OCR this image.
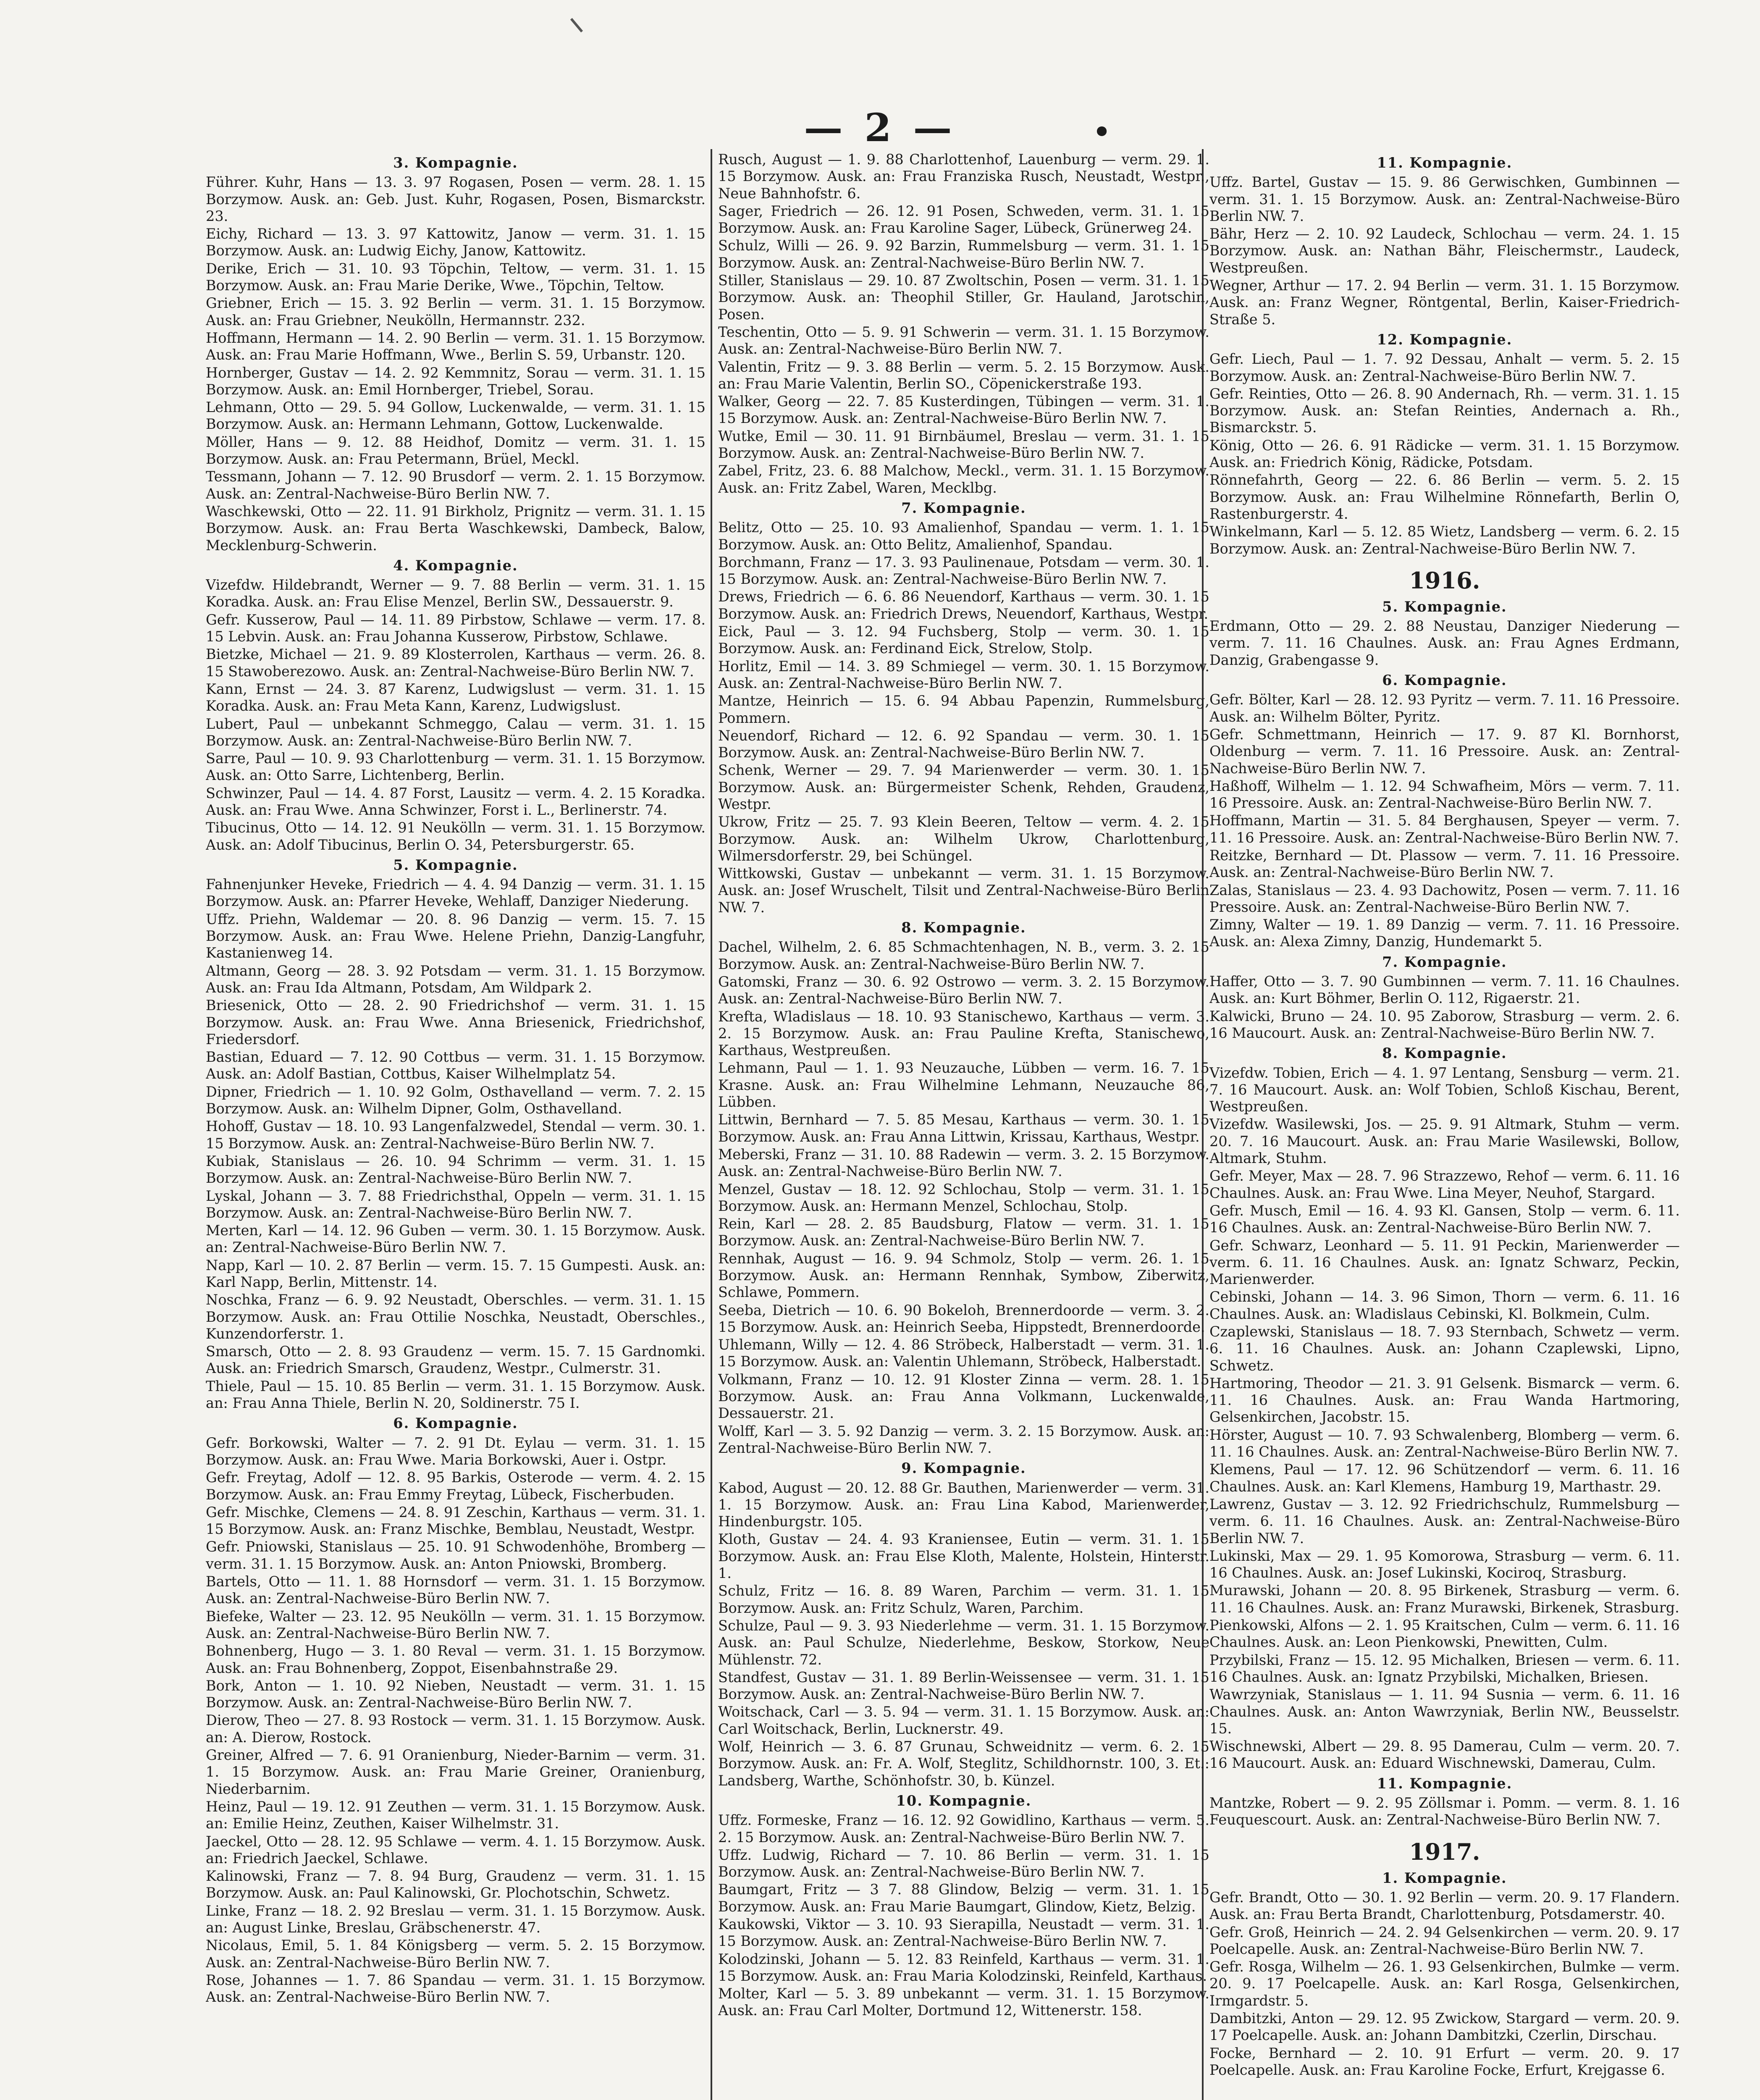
— 2 —	•
3. Kompagnie.
Führer. Kuhr, Hans — 13. 3. 97 Rogasen, Posen — verm. 28. 1. 15 Borzymow. Ausk. an: Geb. Just. Kuhr, Rogasen, Posen, Bismarckstr. 23.
Eichy, Richard — 13. 3. 97 Kattowitz, Janow — verm. 31. 1. 15 Borzymow. Ausk. an: Ludwig Eichy, Janow, Kattowitz.
Derike, Erich — 31. 10. 93 Töpchin, Teltow, — verm. 31. 1. 15 Borzymow. Ausk. an: Frau Marie Derike, Wwe., Töpchin, Teltow.
Griebner, Erich — 15. 3. 92 Berlin — verm. 31. 1. 15 Borzymow. Ausk. an: Frau Griebner, Neukölln, Hermannstr. 232.
Hoffmann, Hermann — 14. 2. 90 Berlin — verm. 31. 1. 15 Borzymow. Ausk. an: Frau Marie Hoffmann, Wwe., Berlin S. 59, Urbanstr. 120.
Hornberger, Gustav — 14. 2. 92 Kemmnitz, Sorau — verm. 31. 1. 15 Borzymow. Ausk. an: Emil Hornberger, Triebel, Sorau.
Lehmann, Otto — 29. 5. 94 Gollow, Luckenwalde, — verm. 31. 1. 15 Borzymow. Ausk. an: Hermann Lehmann, Gottow, Luckenwalde.
Möller, Hans — 9. 12. 88 Heidhof, Domitz — verm. 31. 1. 15 Borzymow. Ausk. an: Frau Petermann, Brüel, Meckl.
Tessmann, Johann — 7. 12. 90 Brusdorf — verm. 2. 1. 15 Borzymow. Ausk. an: Zentral-Nachweise-Büro Berlin NW. 7.
Waschkewski, Otto — 22. 11. 91 Birkholz, Prignitz — verm. 31. 1. 15 Borzymow. Ausk. an: Frau Berta Waschkewski, Dambeck, Balow, Mecklenburg-Schwerin.
4. Kompagnie.
Vizefdw. Hildebrandt, Werner — 9. 7. 88 Berlin — verm. 31. 1. 15 Koradka. Ausk. an: Frau Elise Menzel, Berlin SW., Dessauerstr. 9.
Gefr. Kusserow, Paul — 14. 11. 89 Pirbstow, Schlawe — verm. 17. 8. 15 Lebvin. Ausk. an: Frau Johanna Kusserow, Pirbstow, Schlawe.
Bietzke, Michael — 21. 9. 89 Klosterrolen, Karthaus — verm. 26. 8. 15 Stawoberezowo. Ausk. an: Zentral-Nachweise-Büro Berlin NW. 7.
Kann, Ernst — 24. 3. 87 Karenz, Ludwigslust — verm. 31. 1. 15 Koradka. Ausk. an: Frau Meta Kann, Karenz, Ludwigslust.
Lubert, Paul — unbekannt Schmeggo, Calau — verm. 31. 1. 15 Borzymow. Ausk. an: Zentral-Nachweise-Büro Berlin NW. 7.
Sarre, Paul — 10. 9. 93 Charlottenburg — verm. 31. 1. 15 Borzymow. Ausk. an: Otto Sarre, Lichtenberg, Berlin.
Schwinzer, Paul — 14. 4. 87 Forst, Lausitz — verm. 4. 2. 15 Koradka. Ausk. an: Frau Wwe. Anna Schwinzer, Forst i. L., Berlinerstr. 74.
Tibucinus, Otto — 14. 12. 91 Neukölln — verm. 31. 1. 15 Borzymow. Ausk. an: Adolf Tibucinus, Berlin O. 34, Petersburgerstr. 65.
5. Kompagnie.
Fahnenjunker Heveke, Friedrich — 4. 4. 94 Danzig — verm. 31. 1. 15 Borzymow. Ausk. an: Pfarrer Heveke, Wehlaff, Danziger Niederung.
Uffz. Priehn, Waldemar — 20. 8. 96 Danzig — verm. 15. 7. 15 Borzymow. Ausk. an: Frau Wwe. Helene Priehn, Danzig-Langfuhr, Kastanienweg 14.
Altmann, Georg — 28. 3. 92 Potsdam — verm. 31. 1. 15 Borzymow. Ausk. an: Frau Ida Altmann, Potsdam, Am Wildpark 2.
Briesenick, Otto — 28. 2. 90 Friedrichshof — verm. 31. 1. 15 Borzymow. Ausk. an: Frau Wwe. Anna Briesenick, Friedrichshof, Friedersdorf.
Bastian, Eduard — 7. 12. 90 Cottbus — verm. 31. 1. 15 Borzymow. Ausk. an: Adolf Bastian, Cottbus, Kaiser Wilhelmplatz 54.
Dipner, Friedrich — 1. 10. 92 Golm, Osthavelland — verm. 7. 2. 15 Borzymow. Ausk. an: Wilhelm Dipner, Golm, Osthavelland.
Hohoff, Gustav — 18. 10. 93 Langenfalzwedel, Stendal — verm. 30. 1. 15 Borzymow. Ausk. an: Zentral-Nachweise-Büro Berlin NW. 7.
Kubiak, Stanislaus — 26. 10. 94 Schrimm — verm. 31. 1. 15 Borzymow. Ausk. an: Zentral-Nachweise-Büro Berlin NW. 7.
Lyskal, Johann — 3. 7. 88 Friedrichsthal, Oppeln — verm. 31. 1. 15 Borzymow. Ausk. an: Zentral-Nachweise-Büro Berlin NW. 7.
Merten, Karl — 14. 12. 96 Guben — verm. 30. 1. 15 Borzymow. Ausk. an: Zentral-Nachweise-Büro Berlin NW. 7.
Napp, Karl — 10. 2. 87 Berlin — verm. 15. 7. 15 Gumpesti. Ausk. an: Karl Napp, Berlin, Mittenstr. 14.
Noschka, Franz — 6. 9. 92 Neustadt, Oberschles. — verm. 31. 1. 15 Borzymow. Ausk. an: Frau Ottilie Noschka, Neustadt, Oberschles., Kunzendorferstr. 1.
Smarsch, Otto — 2. 8. 93 Graudenz — verm. 15. 7. 15 Gardnomki. Ausk. an: Friedrich Smarsch, Graudenz, Westpr., Culmerstr. 31.
Thiele, Paul — 15. 10. 85 Berlin — verm. 31. 1. 15 Borzymow. Ausk. an: Frau Anna Thiele, Berlin N. 20, Soldinerstr. 75 I.
6. Kompagnie.
Gefr. Borkowski, Walter — 7. 2. 91 Dt. Eylau — verm. 31. 1. 15 Borzymow. Ausk. an: Frau Wwe. Maria Borkowski, Auer i. Ostpr.
Gefr. Freytag, Adolf — 12. 8. 95 Barkis, Osterode — verm. 4. 2. 15 Borzymow. Ausk. an: Frau Emmy Freytag, Lübeck, Fischerbuden.
Gefr. Mischke, Clemens — 24. 8. 91 Zeschin, Karthaus — verm. 31. 1. 15 Borzymow. Ausk. an: Franz Mischke, Bemblau, Neustadt, Westpr.
Gefr. Pniowski, Stanislaus — 25. 10. 91 Schwodenhöhe, Bromberg — verm. 31. 1. 15 Borzymow. Ausk. an: Anton Pniowski, Bromberg.
Bartels, Otto — 11. 1. 88 Hornsdorf — verm. 31. 1. 15 Borzymow. Ausk. an: Zentral-Nachweise-Büro Berlin NW. 7.
Biefeke, Walter — 23. 12. 95 Neukölln — verm. 31. 1. 15 Borzymow. Ausk. an: Zentral-Nachweise-Büro Berlin NW. 7.
Bohnenberg, Hugo — 3. 1. 80 Reval — verm. 31. 1. 15 Borzymow. Ausk. an: Frau Bohnenberg, Zoppot, Eisenbahnstraße 29.
Bork, Anton — 1. 10. 92 Nieben, Neustadt — verm. 31. 1. 15 Borzymow. Ausk. an: Zentral-Nachweise-Büro Berlin NW. 7.
Dierow, Theo — 27. 8. 93 Rostock — verm. 31. 1. 15 Borzymow. Ausk. an: A. Dierow, Rostock.
Greiner, Alfred — 7. 6. 91 Oranienburg, Nieder-Barnim — verm. 31. 1. 15 Borzymow. Ausk. an: Frau Marie Greiner, Oranienburg, Niederbarnim.
Heinz, Paul — 19. 12. 91 Zeuthen — verm. 31. 1. 15 Borzymow. Ausk. an: Emilie Heinz, Zeuthen, Kaiser Wilhelmstr. 31.
Jaeckel, Otto — 28. 12. 95 Schlawe — verm. 4. 1. 15 Borzymow. Ausk. an: Friedrich Jaeckel, Schlawe.
Kalinowski, Franz — 7. 8. 94 Burg, Graudenz — verm. 31. 1. 15 Borzymow. Ausk. an: Paul Kalinowski, Gr. Plochotschin, Schwetz.
Linke, Franz — 18. 2. 92 Breslau — verm. 31. 1. 15 Borzymow. Ausk. an: August Linke, Breslau, Gräbschenerstr. 47.
Nicolaus, Emil, 5. 1. 84 Königsberg — verm. 5. 2. 15 Borzymow. Ausk. an: Zentral-Nachweise-Büro Berlin NW. 7.
Rose, Johannes — 1. 7. 86 Spandau — verm. 31. 1. 15 Borzymow. Ausk. an: Zentral-Nachweise-Büro Berlin NW. 7.
Rusch, August — 1. 9. 88 Charlottenhof, Lauenburg — verm. 29. 1. 15 Borzymow. Ausk. an: Frau Franziska Rusch, Neustadt, Westpr., Neue Bahnhofstr. 6.
Sager, Friedrich — 26. 12. 91 Posen, Schweden, verm. 31. 1. 15 Borzymow. Ausk. an: Frau Karoline Sager, Lübeck, Grünerweg 24.
Schulz, Willi — 26. 9. 92 Barzin, Rummelsburg — verm. 31. 1. 15 Borzymow. Ausk. an: Zentral-Nachweise-Büro Berlin NW. 7.
Stiller, Stanislaus — 29. 10. 87 Zwoltschin, Posen — verm. 31. 1. 15 Borzymow. Ausk. an: Theophil Stiller, Gr. Hauland, Jarotschin, Posen.
Teschentin, Otto — 5. 9. 91 Schwerin — verm. 31. 1. 15 Borzymow. Ausk. an: Zentral-Nachweise-Büro Berlin NW. 7.
Valentin, Fritz — 9. 3. 88 Berlin — verm. 5. 2. 15 Borzymow. Ausk. an: Frau Marie Valentin, Berlin SO., Cöpenickerstraße 193.
Walker, Georg — 22. 7. 85 Kusterdingen, Tübingen — verm. 31. 1. 15 Borzymow. Ausk. an: Zentral-Nachweise-Büro Berlin NW. 7.
Wutke, Emil — 30. 11. 91 Birnbäumel, Breslau — verm. 31. 1. 15 Borzymow. Ausk. an: Zentral-Nachweise-Büro Berlin NW. 7.
Zabel, Fritz, 23. 6. 88 Malchow, Meckl., verm. 31. 1. 15 Borzymow. Ausk. an: Fritz Zabel, Waren, Mecklbg.
7. Kompagnie.
Belitz, Otto — 25. 10. 93 Amalienhof, Spandau — verm. 1. 1. 15 Borzymow. Ausk. an: Otto Belitz, Amalienhof, Spandau.
Borchmann, Franz — 17. 3. 93 Paulinenaue, Potsdam — verm. 30. 1. 15 Borzymow. Ausk. an: Zentral-Nachweise-Büro Berlin NW. 7.
Drews, Friedrich — 6. 6. 86 Neuendorf, Karthaus — verm. 30. 1. 15 Borzymow. Ausk. an: Friedrich Drews, Neuendorf, Karthaus, Westpr.
Eick, Paul — 3. 12. 94 Fuchsberg, Stolp — verm. 30. 1. 15 Borzymow. Ausk. an: Ferdinand Eick, Strelow, Stolp.
Horlitz, Emil — 14. 3. 89 Schmiegel — verm. 30. 1. 15 Borzymow. Ausk. an: Zentral-Nachweise-Büro Berlin NW. 7.
Mantze, Heinrich — 15. 6. 94 Abbau Papenzin, Rummelsburg, Pommern.
Neuendorf, Richard — 12. 6. 92 Spandau — verm. 30. 1. 15 Borzymow. Ausk. an: Zentral-Nachweise-Büro Berlin NW. 7.
Schenk, Werner — 29. 7. 94 Marienwerder — verm. 30. 1. 15 Borzymow. Ausk. an: Bürgermeister Schenk, Rehden, Graudenz, Westpr.
Ukrow, Fritz — 25. 7. 93 Klein Beeren, Teltow — verm. 4. 2. 15 Borzymow. Ausk. an: Wilhelm Ukrow, Charlottenburg, Wilmersdorferstr. 29, bei Schüngel.
Wittkowski, Gustav — unbekannt — verm. 31. 1. 15 Borzymow. Ausk. an: Josef Wruschelt, Tilsit und Zentral-Nachweise-Büro Berlin NW. 7.
8. Kompagnie.
Dachel, Wilhelm, 2. 6. 85 Schmachtenhagen, N. B., verm. 3. 2. 15 Borzymow. Ausk. an: Zentral-Nachweise-Büro Berlin NW. 7.
Gatomski, Franz — 30. 6. 92 Ostrowo — verm. 3. 2. 15 Borzymow. Ausk. an: Zentral-Nachweise-Büro Berlin NW. 7.
Krefta, Wladislaus — 18. 10. 93 Stanischewo, Karthaus — verm. 3. 2. 15 Borzymow. Ausk. an: Frau Pauline Krefta, Stanischewo, Karthaus, Westpreußen.
Lehmann, Paul — 1. 1. 93 Neuzauche, Lübben — verm. 16. 7. 15 Krasne. Ausk. an: Frau Wilhelmine Lehmann, Neuzauche 86, Lübben.
Littwin, Bernhard — 7. 5. 85 Mesau, Karthaus — verm. 30. 1. 15 Borzymow. Ausk. an: Frau Anna Littwin, Krissau, Karthaus, Westpr.
Meberski, Franz — 31. 10. 88 Radewin — verm. 3. 2. 15 Borzymow. Ausk. an: Zentral-Nachweise-Büro Berlin NW. 7.
Menzel, Gustav — 18. 12. 92 Schlochau, Stolp — verm. 31. 1. 15 Borzymow. Ausk. an: Hermann Menzel, Schlochau, Stolp.
Rein, Karl — 28. 2. 85 Baudsburg, Flatow — verm. 31. 1. 15 Borzymow. Ausk. an: Zentral-Nachweise-Büro Berlin NW. 7.
Rennhak, August — 16. 9. 94 Schmolz, Stolp — verm. 26. 1. 15 Borzymow. Ausk. an: Hermann Rennhak, Symbow, Ziberwitz, Schlawe, Pommern.
Seeba, Dietrich — 10. 6. 90 Bokeloh, Brennerdoorde — verm. 3. 2. 15 Borzymow. Ausk. an: Heinrich Seeba, Hippstedt, Brennerdoorde.
Uhlemann, Willy — 12. 4. 86 Ströbeck, Halberstadt — verm. 31. 1. 15 Borzymow. Ausk. an: Valentin Uhlemann, Ströbeck, Halberstadt.
Volkmann, Franz — 10. 12. 91 Kloster Zinna — verm. 28. 1. 15 Borzymow. Ausk. an: Frau Anna Volkmann, Luckenwalde, Dessauerstr. 21.
Wolff, Karl — 3. 5. 92 Danzig — verm. 3. 2. 15 Borzymow. Ausk. an: Zentral-Nachweise-Büro Berlin NW. 7.
9. Kompagnie.
Kabod, August — 20. 12. 88 Gr. Bauthen, Marienwerder — verm. 31. 1. 15 Borzymow. Ausk. an: Frau Lina Kabod, Marienwerder, Hindenburgstr. 105.
Kloth, Gustav — 24. 4. 93 Kraniensee, Eutin — verm. 31. 1. 15 Borzymow. Ausk. an: Frau Else Kloth, Malente, Holstein, Hinterstr. 1.
Schulz, Fritz — 16. 8. 89 Waren, Parchim — verm. 31. 1. 15 Borzymow. Ausk. an: Fritz Schulz, Waren, Parchim.
Schulze, Paul — 9. 3. 93 Niederlehme — verm. 31. 1. 15 Borzymow. Ausk. an: Paul Schulze, Niederlehme, Beskow, Storkow, Neue Mühlenstr. 72.
Standfest, Gustav — 31. 1. 89 Berlin-Weissensee — verm. 31. 1. 15 Borzymow. Ausk. an: Zentral-Nachweise-Büro Berlin NW. 7.
Woitschack, Carl — 3. 5. 94 — verm. 31. 1. 15 Borzymow. Ausk. an: Carl Woitschack, Berlin, Lucknerstr. 49.
Wolf, Heinrich — 3. 6. 87 Grunau, Schweidnitz — verm. 6. 2. 15 Borzymow. Ausk. an: Fr. A. Wolf, Steglitz, Schildhornstr. 100, 3. Et.: Landsberg, Warthe, Schönhofstr. 30, b. Künzel.
10. Kompagnie.
Uffz. Formeske, Franz — 16. 12. 92 Gowidlino, Karthaus — verm. 5. 2. 15 Borzymow. Ausk. an: Zentral-Nachweise-Büro Berlin NW. 7.
Uffz. Ludwig, Richard — 7. 10. 86 Berlin — verm. 31. 1. 15 Borzymow. Ausk. an: Zentral-Nachweise-Büro Berlin NW. 7.
Baumgart, Fritz — 3 7. 88 Glindow, Belzig — verm. 31. 1. 15 Borzymow. Ausk. an: Frau Marie Baumgart, Glindow, Kietz, Belzig.
Kaukowski, Viktor — 3. 10. 93 Sierapilla, Neustadt — verm. 31. 1. 15 Borzymow. Ausk. an: Zentral-Nachweise-Büro Berlin NW. 7.
Kolodzinski, Johann — 5. 12. 83 Reinfeld, Karthaus — verm. 31. 1. 15 Borzymow. Ausk. an: Frau Maria Kolodzinski, Reinfeld, Karthaus.
Molter, Karl — 5. 3. 89 unbekannt — verm. 31. 1. 15 Borzymow. Ausk. an: Frau Carl Molter, Dortmund 12, Wittenerstr. 158.
11. Kompagnie.
Uffz. Bartel, Gustav — 15. 9. 86 Gerwischken, Gumbinnen — verm. 31. 1. 15 Borzymow. Ausk. an: Zentral-Nachweise-Büro Berlin NW. 7.
Bähr, Herz — 2. 10. 92 Laudeck, Schlochau — verm. 24. 1. 15 Borzymow. Ausk. an: Nathan Bähr, Fleischermstr., Laudeck, Westpreußen.
Wegner, Arthur — 17. 2. 94 Berlin — verm. 31. 1. 15 Borzymow. Ausk. an: Franz Wegner, Röntgental, Berlin, Kaiser-Friedrich-Straße 5.
12. Kompagnie.
Gefr. Liech, Paul — 1. 7. 92 Dessau, Anhalt — verm. 5. 2. 15 Borzymow. Ausk. an: Zentral-Nachweise-Büro Berlin NW. 7.
Gefr. Reinties, Otto — 26. 8. 90 Andernach, Rh. — verm. 31. 1. 15 Borzymow. Ausk. an: Stefan Reinties, Andernach a. Rh., Bismarckstr. 5.
König, Otto — 26. 6. 91 Rädicke — verm. 31. 1. 15 Borzymow. Ausk. an: Friedrich König, Rädicke, Potsdam.
Rönnefahrth, Georg — 22. 6. 86 Berlin — verm. 5. 2. 15 Borzymow. Ausk. an: Frau Wilhelmine Rönnefarth, Berlin O, Rastenburgerstr. 4.
Winkelmann, Karl — 5. 12. 85 Wietz, Landsberg — verm. 6. 2. 15 Borzymow. Ausk. an: Zentral-Nachweise-Büro Berlin NW. 7.
1916.
5. Kompagnie.
Erdmann, Otto — 29. 2. 88 Neustau, Danziger Niederung — verm. 7. 11. 16 Chaulnes. Ausk. an: Frau Agnes Erdmann, Danzig, Grabengasse 9.
6. Kompagnie.
Gefr. Bölter, Karl — 28. 12. 93 Pyritz — verm. 7. 11. 16 Pressoire. Ausk. an: Wilhelm Bölter, Pyritz.
Gefr. Schmettmann, Heinrich — 17. 9. 87 Kl. Bornhorst, Oldenburg — verm. 7. 11. 16 Pressoire. Ausk. an: Zentral-Nachweise-Büro Berlin NW. 7.
Haßhoff, Wilhelm — 1. 12. 94 Schwafheim, Mörs — verm. 7. 11. 16 Pressoire. Ausk. an: Zentral-Nachweise-Büro Berlin NW. 7.
Hoffmann, Martin — 31. 5. 84 Berghausen, Speyer — verm. 7. 11. 16 Pressoire. Ausk. an: Zentral-Nachweise-Büro Berlin NW. 7.
Reitzke, Bernhard — Dt. Plassow — verm. 7. 11. 16 Pressoire. Ausk. an: Zentral-Nachweise-Büro Berlin NW. 7.
Zalas, Stanislaus — 23. 4. 93 Dachowitz, Posen — verm. 7. 11. 16 Pressoire. Ausk. an: Zentral-Nachweise-Büro Berlin NW. 7.
Zimny, Walter — 19. 1. 89 Danzig — verm. 7. 11. 16 Pressoire. Ausk. an: Alexa Zimny, Danzig, Hundemarkt 5.
7. Kompagnie.
Haffer, Otto — 3. 7. 90 Gumbinnen — verm. 7. 11. 16 Chaulnes. Ausk. an: Kurt Böhmer, Berlin O. 112, Rigaerstr. 21.
Kalwicki, Bruno — 24. 10. 95 Zaborow, Strasburg — verm. 2. 6. 16 Maucourt. Ausk. an: Zentral-Nachweise-Büro Berlin NW. 7.
8. Kompagnie.
Vizefdw. Tobien, Erich — 4. 1. 97 Lentang, Sensburg — verm. 21. 7. 16 Maucourt. Ausk. an: Wolf Tobien, Schloß Kischau, Berent, Westpreußen.
Vizefdw. Wasilewski, Jos. — 25. 9. 91 Altmark, Stuhm — verm. 20. 7. 16 Maucourt. Ausk. an: Frau Marie Wasilewski, Bollow, Altmark, Stuhm.
Gefr. Meyer, Max — 28. 7. 96 Strazzewo, Rehof — verm. 6. 11. 16 Chaulnes. Ausk. an: Frau Wwe. Lina Meyer, Neuhof, Stargard.
Gefr. Musch, Emil — 16. 4. 93 Kl. Gansen, Stolp — verm. 6. 11. 16 Chaulnes. Ausk. an: Zentral-Nachweise-Büro Berlin NW. 7.
Gefr. Schwarz, Leonhard — 5. 11. 91 Peckin, Marienwerder — verm. 6. 11. 16 Chaulnes. Ausk. an: Ignatz Schwarz, Peckin, Marienwerder.
Cebinski, Johann — 14. 3. 96 Simon, Thorn — verm. 6. 11. 16 Chaulnes. Ausk. an: Wladislaus Cebinski, Kl. Bolkmein, Culm.
Czaplewski, Stanislaus — 18. 7. 93 Sternbach, Schwetz — verm. 6. 11. 16 Chaulnes. Ausk. an: Johann Czaplewski, Lipno, Schwetz.
Hartmoring, Theodor — 21. 3. 91 Gelsenk. Bismarck — verm. 6. 11. 16 Chaulnes. Ausk. an: Frau Wanda Hartmoring, Gelsenkirchen, Jacobstr. 15.
Hörster, August — 10. 7. 93 Schwalenberg, Blomberg — verm. 6. 11. 16 Chaulnes. Ausk. an: Zentral-Nachweise-Büro Berlin NW. 7.
Klemens, Paul — 17. 12. 96 Schützendorf — verm. 6. 11. 16 Chaulnes. Ausk. an: Karl Klemens, Hamburg 19, Marthastr. 29.
Lawrenz, Gustav — 3. 12. 92 Friedrichschulz, Rummelsburg — verm. 6. 11. 16 Chaulnes. Ausk. an: Zentral-Nachweise-Büro Berlin NW. 7.
Lukinski, Max — 29. 1. 95 Komorowa, Strasburg — verm. 6. 11. 16 Chaulnes. Ausk. an: Josef Lukinski, Kociroq, Strasburg.
Murawski, Johann — 20. 8. 95 Birkenek, Strasburg — verm. 6. 11. 16 Chaulnes. Ausk. an: Franz Murawski, Birkenek, Strasburg.
Pienkowski, Alfons — 2. 1. 95 Kraitschen, Culm — verm. 6. 11. 16 Chaulnes. Ausk. an: Leon Pienkowski, Pnewitten, Culm.
Przybilski, Franz — 15. 12. 95 Michalken, Briesen — verm. 6. 11. 16 Chaulnes. Ausk. an: Ignatz Przybilski, Michalken, Briesen.
Wawrzyniak, Stanislaus — 1. 11. 94 Susnia — verm. 6. 11. 16 Chaulnes. Ausk. an: Anton Wawrzyniak, Berlin NW., Beusselstr. 15.
Wischnewski, Albert — 29. 8. 95 Damerau, Culm — verm. 20. 7. 16 Maucourt. Ausk. an: Eduard Wischnewski, Damerau, Culm.
11. Kompagnie.
Mantzke, Robert — 9. 2. 95 Zöllsmar i. Pomm. — verm. 8. 1. 16 Feuquescourt. Ausk. an: Zentral-Nachweise-Büro Berlin NW. 7.
1917.
1. Kompagnie.
Gefr. Brandt, Otto — 30. 1. 92 Berlin — verm. 20. 9. 17 Flandern. Ausk. an: Frau Berta Brandt, Charlottenburg, Potsdamerstr. 40.
Gefr. Groß, Heinrich — 24. 2. 94 Gelsenkirchen — verm. 20. 9. 17 Poelcapelle. Ausk. an: Zentral-Nachweise-Büro Berlin NW. 7.
Gefr. Rosga, Wilhelm — 26. 1. 93 Gelsenkirchen, Bulmke — verm. 20. 9. 17 Poelcapelle. Ausk. an: Karl Rosga, Gelsenkirchen, Irmgardstr. 5.
Dambitzki, Anton — 29. 12. 95 Zwickow, Stargard — verm. 20. 9. 17 Poelcapelle. Ausk. an: Johann Dambitzki, Czerlin, Dirschau.
Focke, Bernhard — 2. 10. 91 Erfurt — verm. 20. 9. 17 Poelcapelle. Ausk. an: Frau Karoline Focke, Erfurt, Krejgasse 6.
